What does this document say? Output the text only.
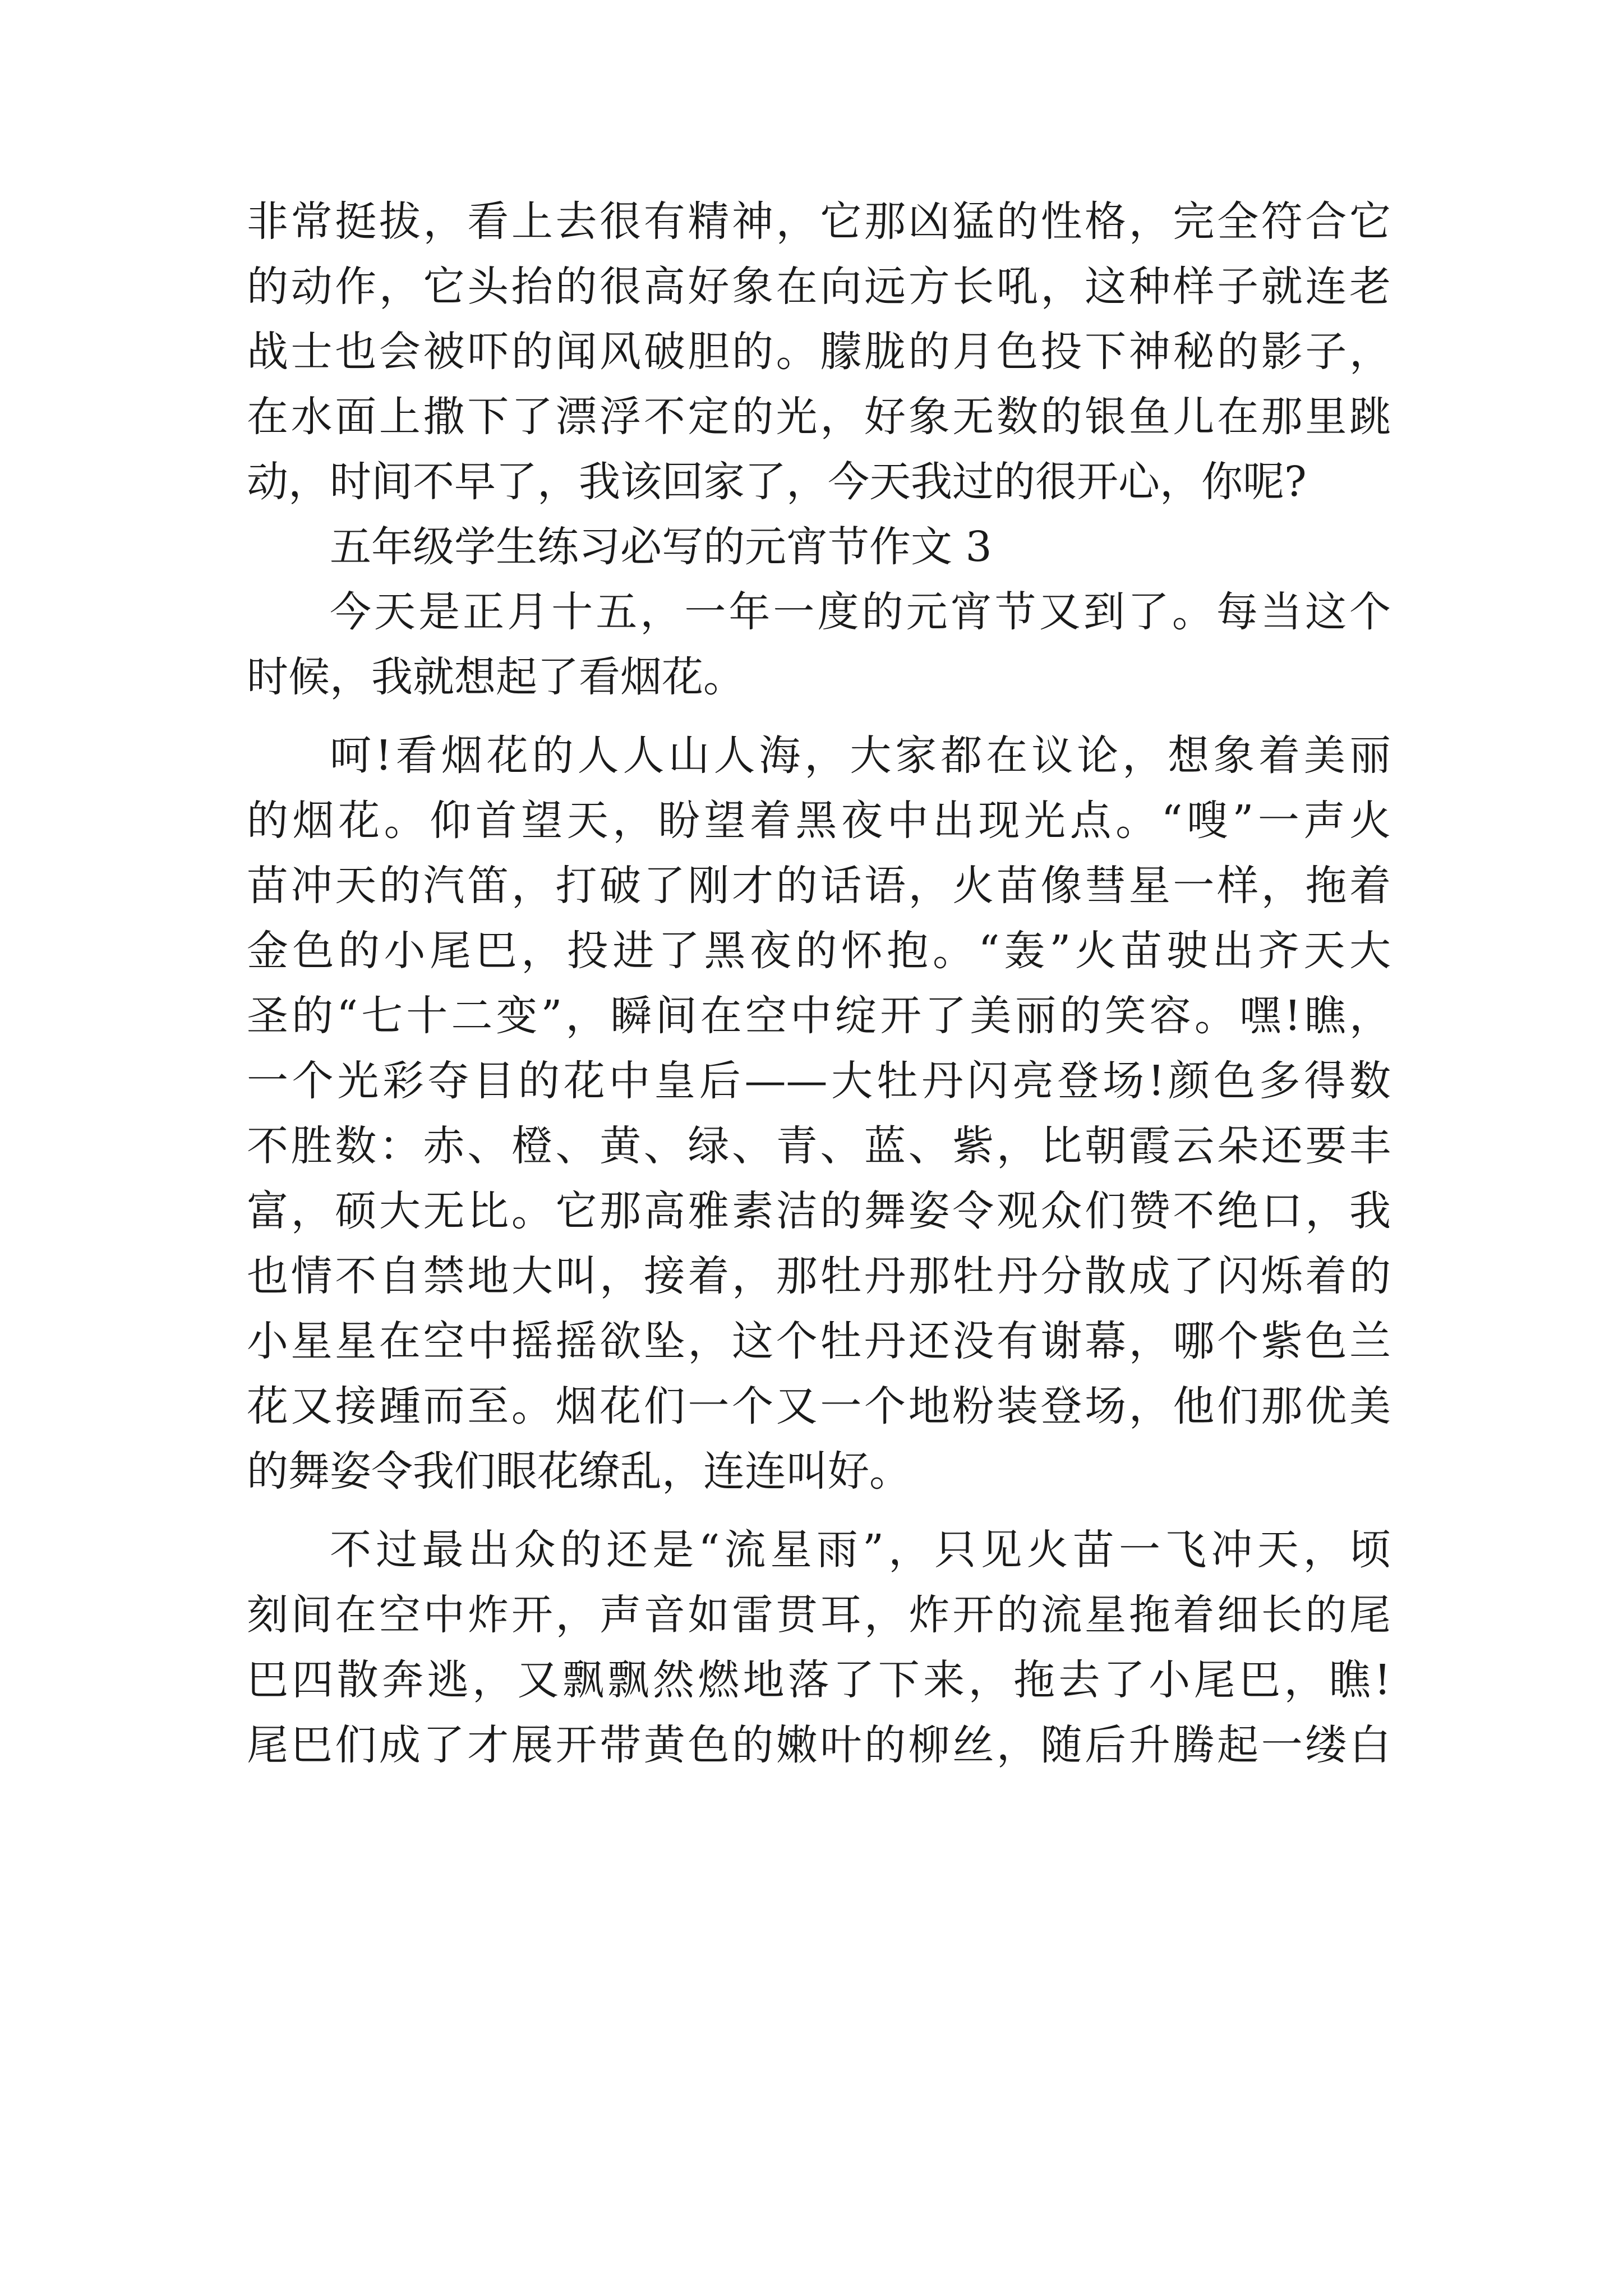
非常挺拔，看上去很有精神，它那凶猛的性格，完全符合它
的动作，它头抬的很高好象在向远方长吼，这种样子就连老
战士也会被吓的闻风破胆的。朦胧的月色投下神秘的影子，
在水面上撒下了漂浮不定的光，好象无数的银鱼儿在那里跳
动，时间不早了，我该回家了，今天我过的很开心，你呢?
五年级学生练习必写的元宵节作文 3
今天是正月十五，一年一度的元宵节又到了。每当这个
时候，我就想起了看烟花。
呵!看烟花的人人山人海，大家都在议论，想象着美丽
的烟花。仰首望天，盼望着黑夜中出现光点。“嗖”一声火
苗冲天的汽笛，打破了刚才的话语，火苗像彗星一样，拖着
金色的小尾巴，投进了黑夜的怀抱。“轰”火苗驶出齐天大
圣的“七十二变”，瞬间在空中绽开了美丽的笑容。嘿!瞧，
一个光彩夺目的花中皇后——大牡丹闪亮登场!颜色多得数
不胜数：赤、橙、黄、绿、青、蓝、紫，比朝霞云朵还要丰
富，硕大无比。它那高雅素洁的舞姿令观众们赞不绝口，我
也情不自禁地大叫，接着，那牡丹那牡丹分散成了闪烁着的
小星星在空中摇摇欲坠，这个牡丹还没有谢幕，哪个紫色兰
花又接踵而至。烟花们一个又一个地粉装登场，他们那优美
的舞姿令我们眼花缭乱，连连叫好。
不过最出众的还是“流星雨”，只见火苗一飞冲天，顷
刻间在空中炸开，声音如雷贯耳，炸开的流星拖着细长的尾
巴四散奔逃，又飘飘然燃地落了下来，拖去了小尾巴，瞧!
尾巴们成了才展开带黄色的嫩叶的柳丝，随后升腾起一缕白
